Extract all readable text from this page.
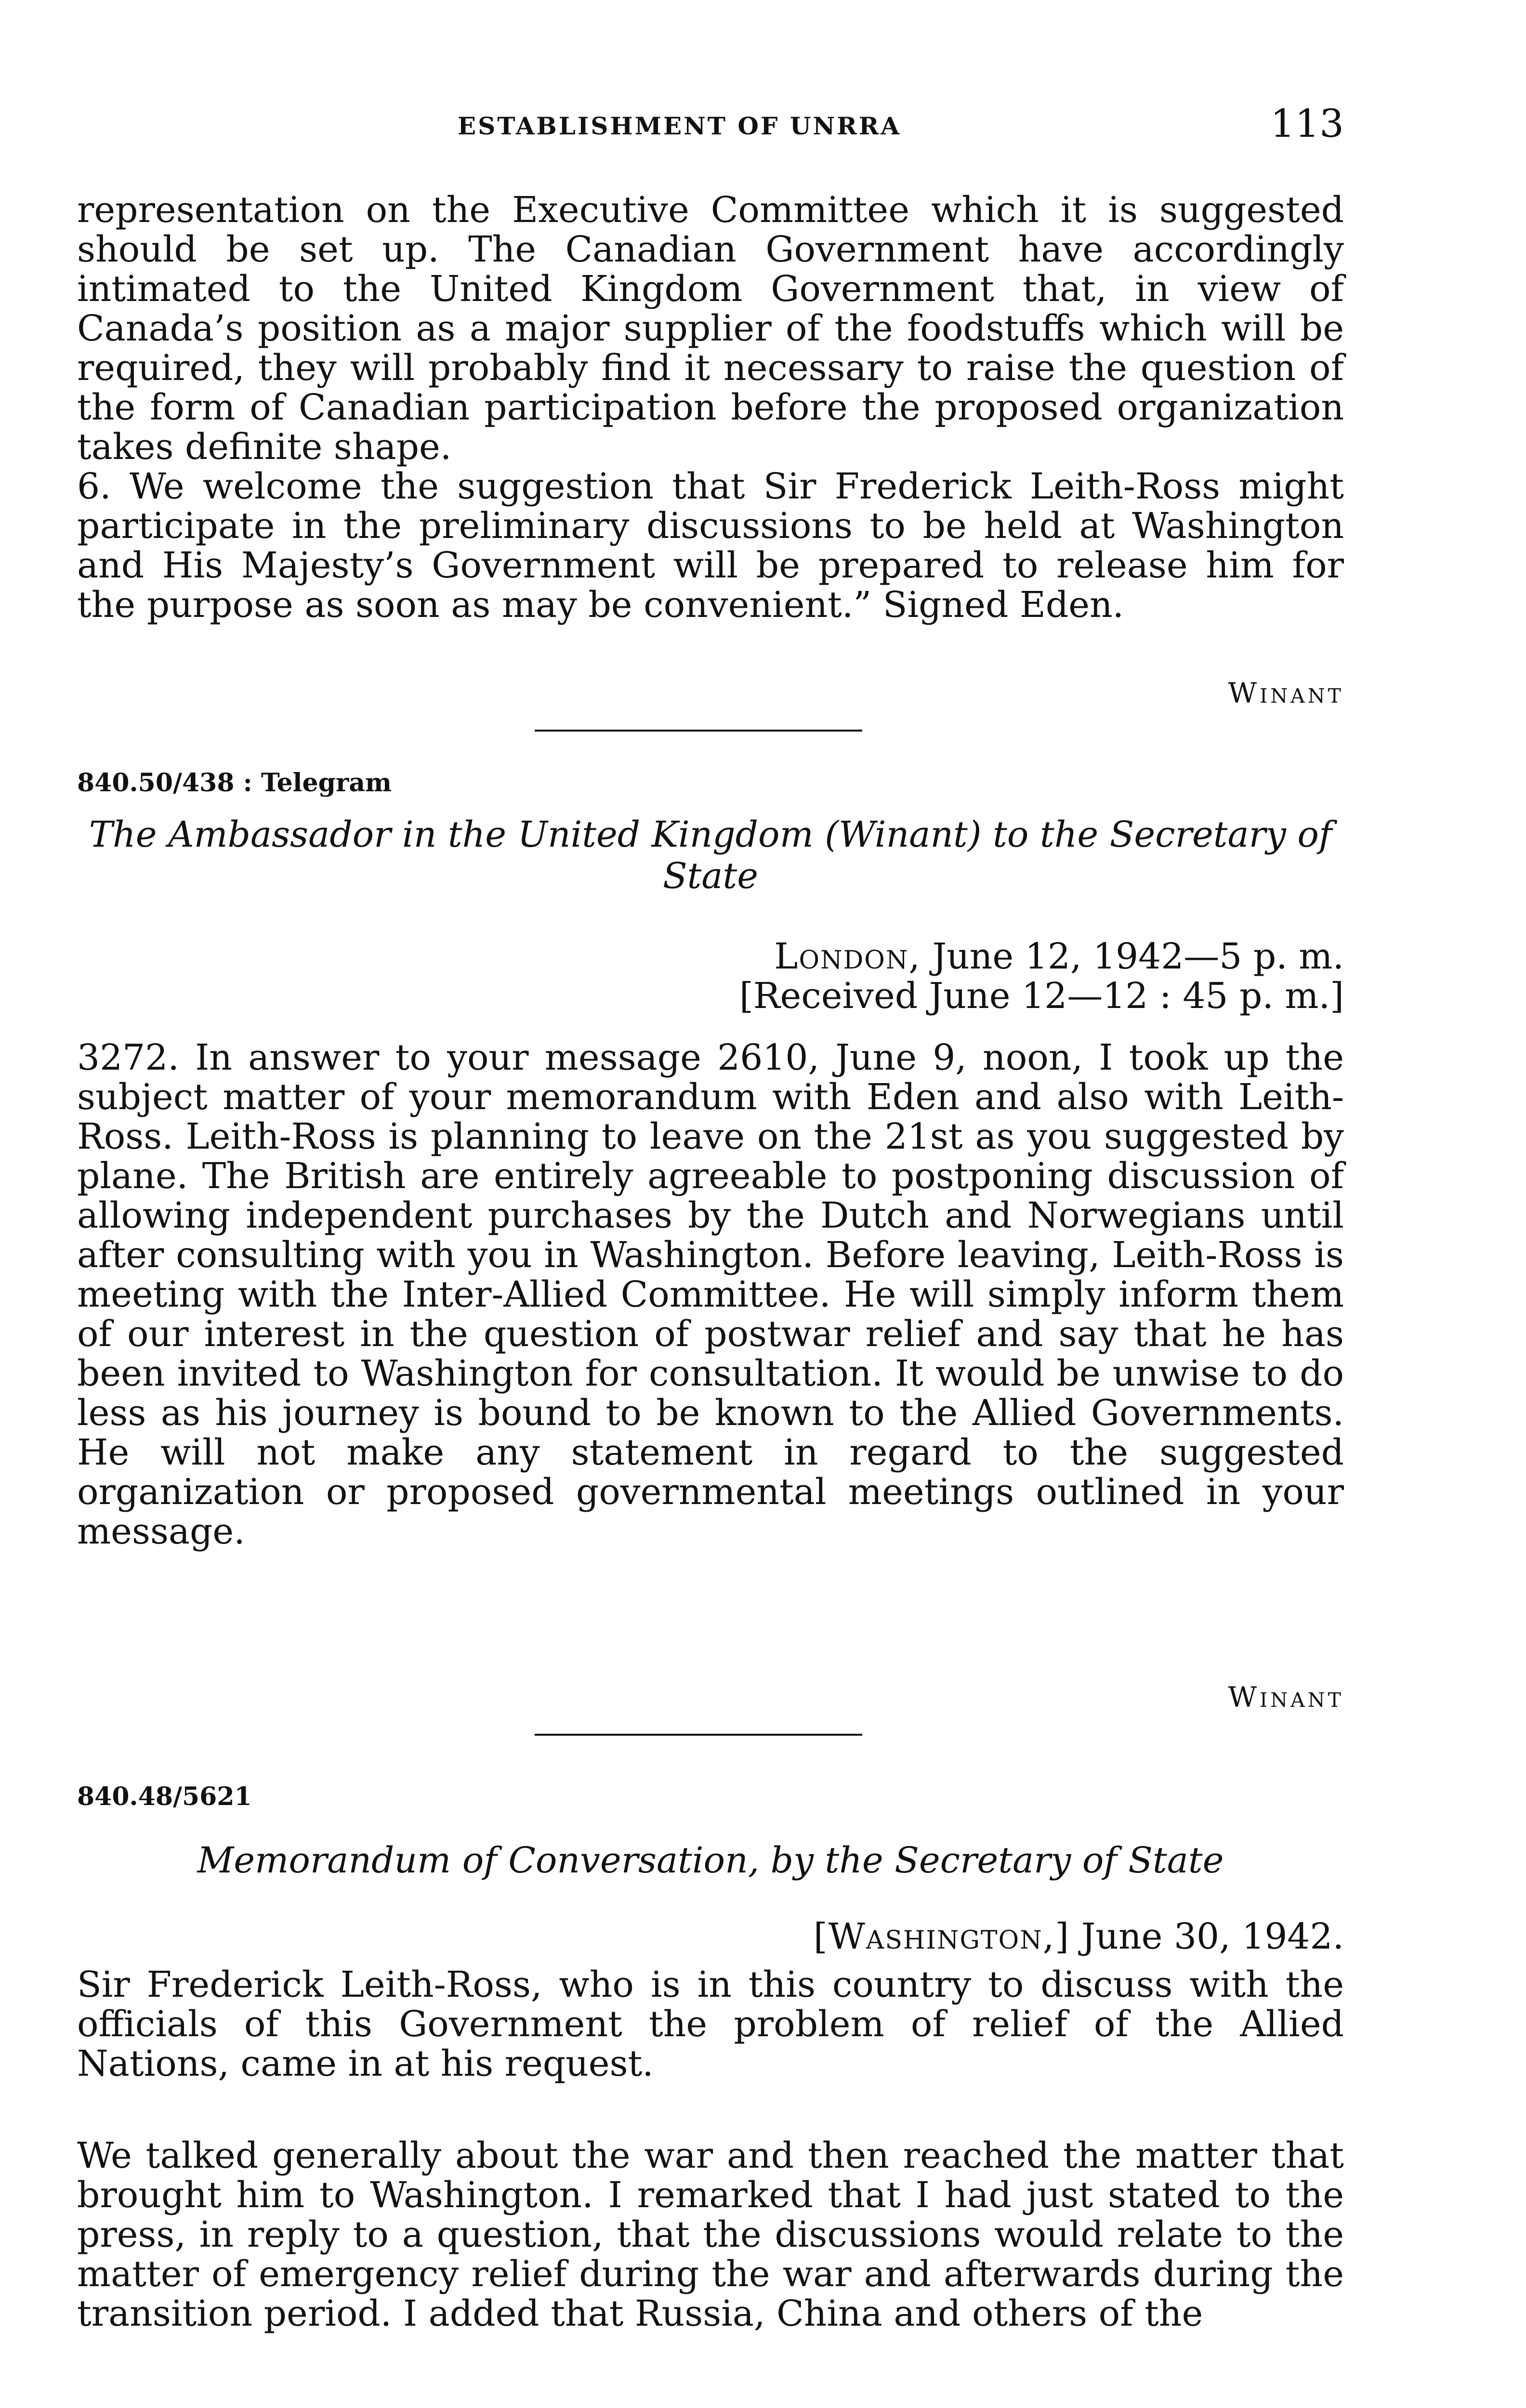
ESTABLISHMENT OF UNRRA	113

representation on the Executive Committee which it is suggested should be set up. The Canadian Government have accordingly intimated to the United Kingdom Government that, in view of Canada’s position as a major supplier of the foodstuffs which will be required, they will probably find it necessary to raise the question of the form of Canadian participation before the proposed organization takes definite shape.

6. We welcome the suggestion that Sir Frederick Leith-Ross might participate in the preliminary discussions to be held at Washington and His Majesty’s Government will be prepared to release him for the purpose as soon as may be convenient.” Signed Eden.

Winant
840.50/438 : Telegram
The Ambassador in the United Kingdom (Winant) to the Secretary of State
London, June 12, 1942—5 p. m.
[Received June 12—12 : 45 p. m.]

3272. In answer to your message 2610, June 9, noon, I took up the subject matter of your memorandum with Eden and also with Leith-Ross. Leith-Ross is planning to leave on the 21st as you suggested by plane. The British are entirely agreeable to postponing discussion of allowing independent purchases by the Dutch and Norwegians until after consulting with you in Washington. Before leaving, Leith-Ross is meeting with the Inter-Allied Committee. He will simply inform them of our interest in the question of postwar relief and say that he has been invited to Washington for consultation. It would be unwise to do less as his journey is bound to be known to the Allied Governments. He will not make any statement in regard to the suggested organization or proposed governmental meetings outlined in your message.

Winant
840.48/5621
Memorandum of Conversation, by the Secretary of State
[Washington,] June 30, 1942.

Sir Frederick Leith-Ross, who is in this country to discuss with the officials of this Government the problem of relief of the Allied Nations, came in at his request.

We talked generally about the war and then reached the matter that brought him to Washington. I remarked that I had just stated to the press, in reply to a question, that the discussions would relate to the matter of emergency relief during the war and afterwards during the transition period. I added that Russia, China and others of the
